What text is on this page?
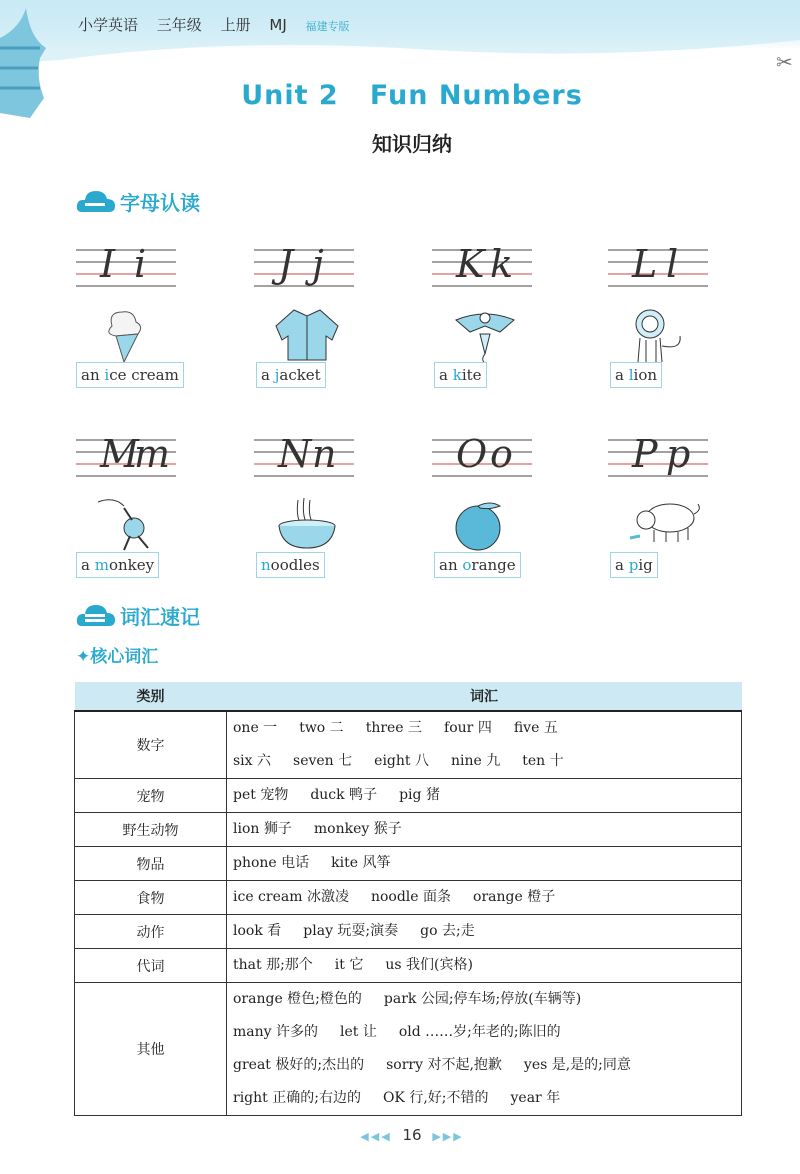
小学英语 三年级 上册 MJ 福建专版
✂
Unit 2   Fun Numbers
知识归纳
字母认读
I i
an ice cream
J j
a jacket
K k
a kite
L l
a lion
M
m
a monkey
N n
noodles
O o
an orange
P p
a pig
词汇速记
✦核心词汇
类别	词汇
数字	one 一 two 二 three 三 four 四 five 五
six 六 seven 七 eight 八 nine 九 ten 十

宠物	pet 宠物 duck 鸭子 pig 猪

野生动物	lion 狮子 monkey 猴子

物品	phone 电话 kite 风筝

食物	ice cream 冰激凌 noodle 面条 orange 橙子

动作	look 看 play 玩耍;演奏 go 去;走

代词	that 那;那个 it 它 us 我们(宾格)

其他	orange 橙色;橙色的 park 公园;停车场;停放(车辆等)
many 许多的 let 让 old ……岁;年老的;陈旧的
great 极好的;杰出的 sorry 对不起,抱歉 yes 是,是的;同意
right 正确的;右边的 OK 行,好;不错的 year 年
◀◀◀ 16 ▶▶▶
